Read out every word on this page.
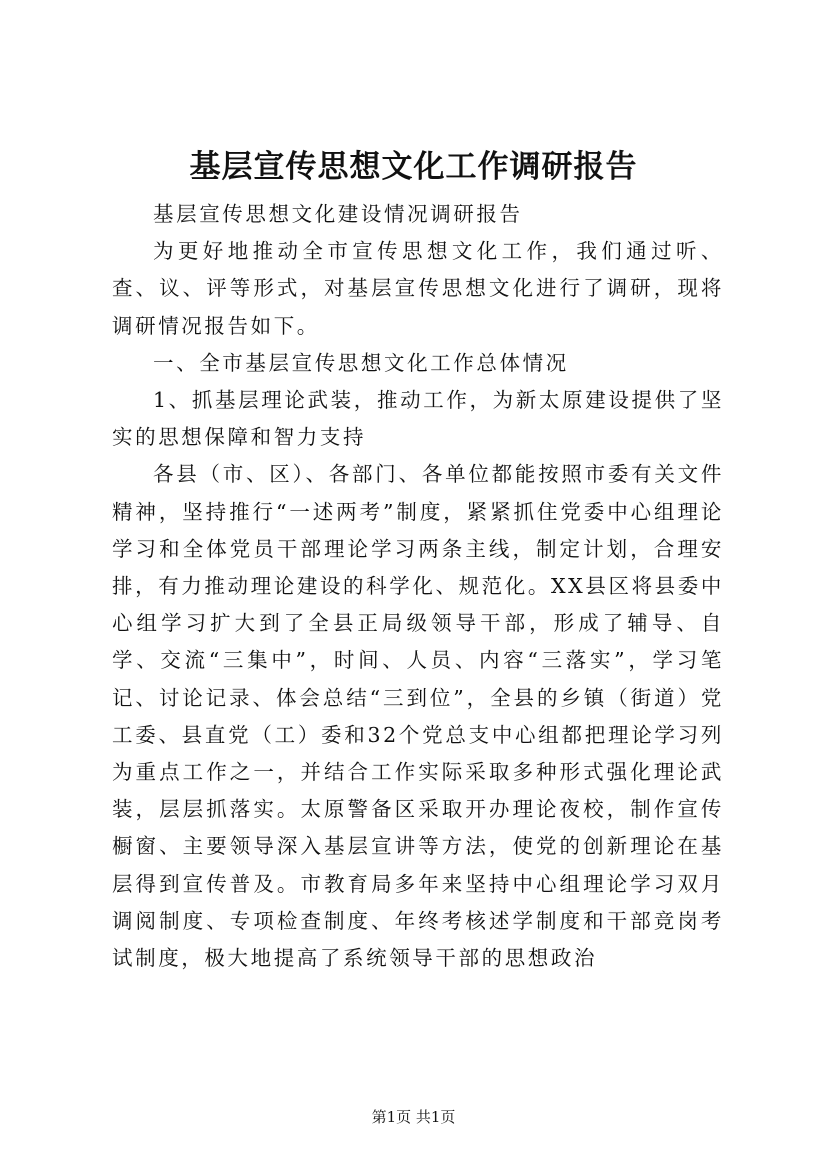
基层宣传思想文化工作调研报告

基层宣传思想文化建设情况调研报告

为更好地推动全市宣传思想文化工作，我们通过听、查、议、评等形式，对基层宣传思想文化进行了调研，现将调研情况报告如下。

一、全市基层宣传思想文化工作总体情况

1、抓基层理论武装，推动工作，为新太原建设提供了坚实的思想保障和智力支持

各县（市、区）、各部门、各单位都能按照市委有关文件精神，坚持推行“一述两考”制度，紧紧抓住党委中心组理论学习和全体党员干部理论学习两条主线，制定计划，合理安排，有力推动理论建设的科学化、规范化。XX县区将县委中心组学习扩大到了全县正局级领导干部，形成了辅导、自学、交流“三集中”，时间、人员、内容“三落实”，学习笔记、讨论记录、体会总结“三到位”，全县的乡镇（街道）党工委、县直党（工）委和32个党总支中心组都把理论学习列为重点工作之一，并结合工作实际采取多种形式强化理论武装，层层抓落实。太原警备区采取开办理论夜校，制作宣传橱窗、主要领导深入基层宣讲等方法，使党的创新理论在基层得到宣传普及。市教育局多年来坚持中心组理论学习双月调阅制度、专项检查制度、年终考核述学制度和干部竞岗考试制度，极大地提高了系统领导干部的思想政治

第1页 共1页
